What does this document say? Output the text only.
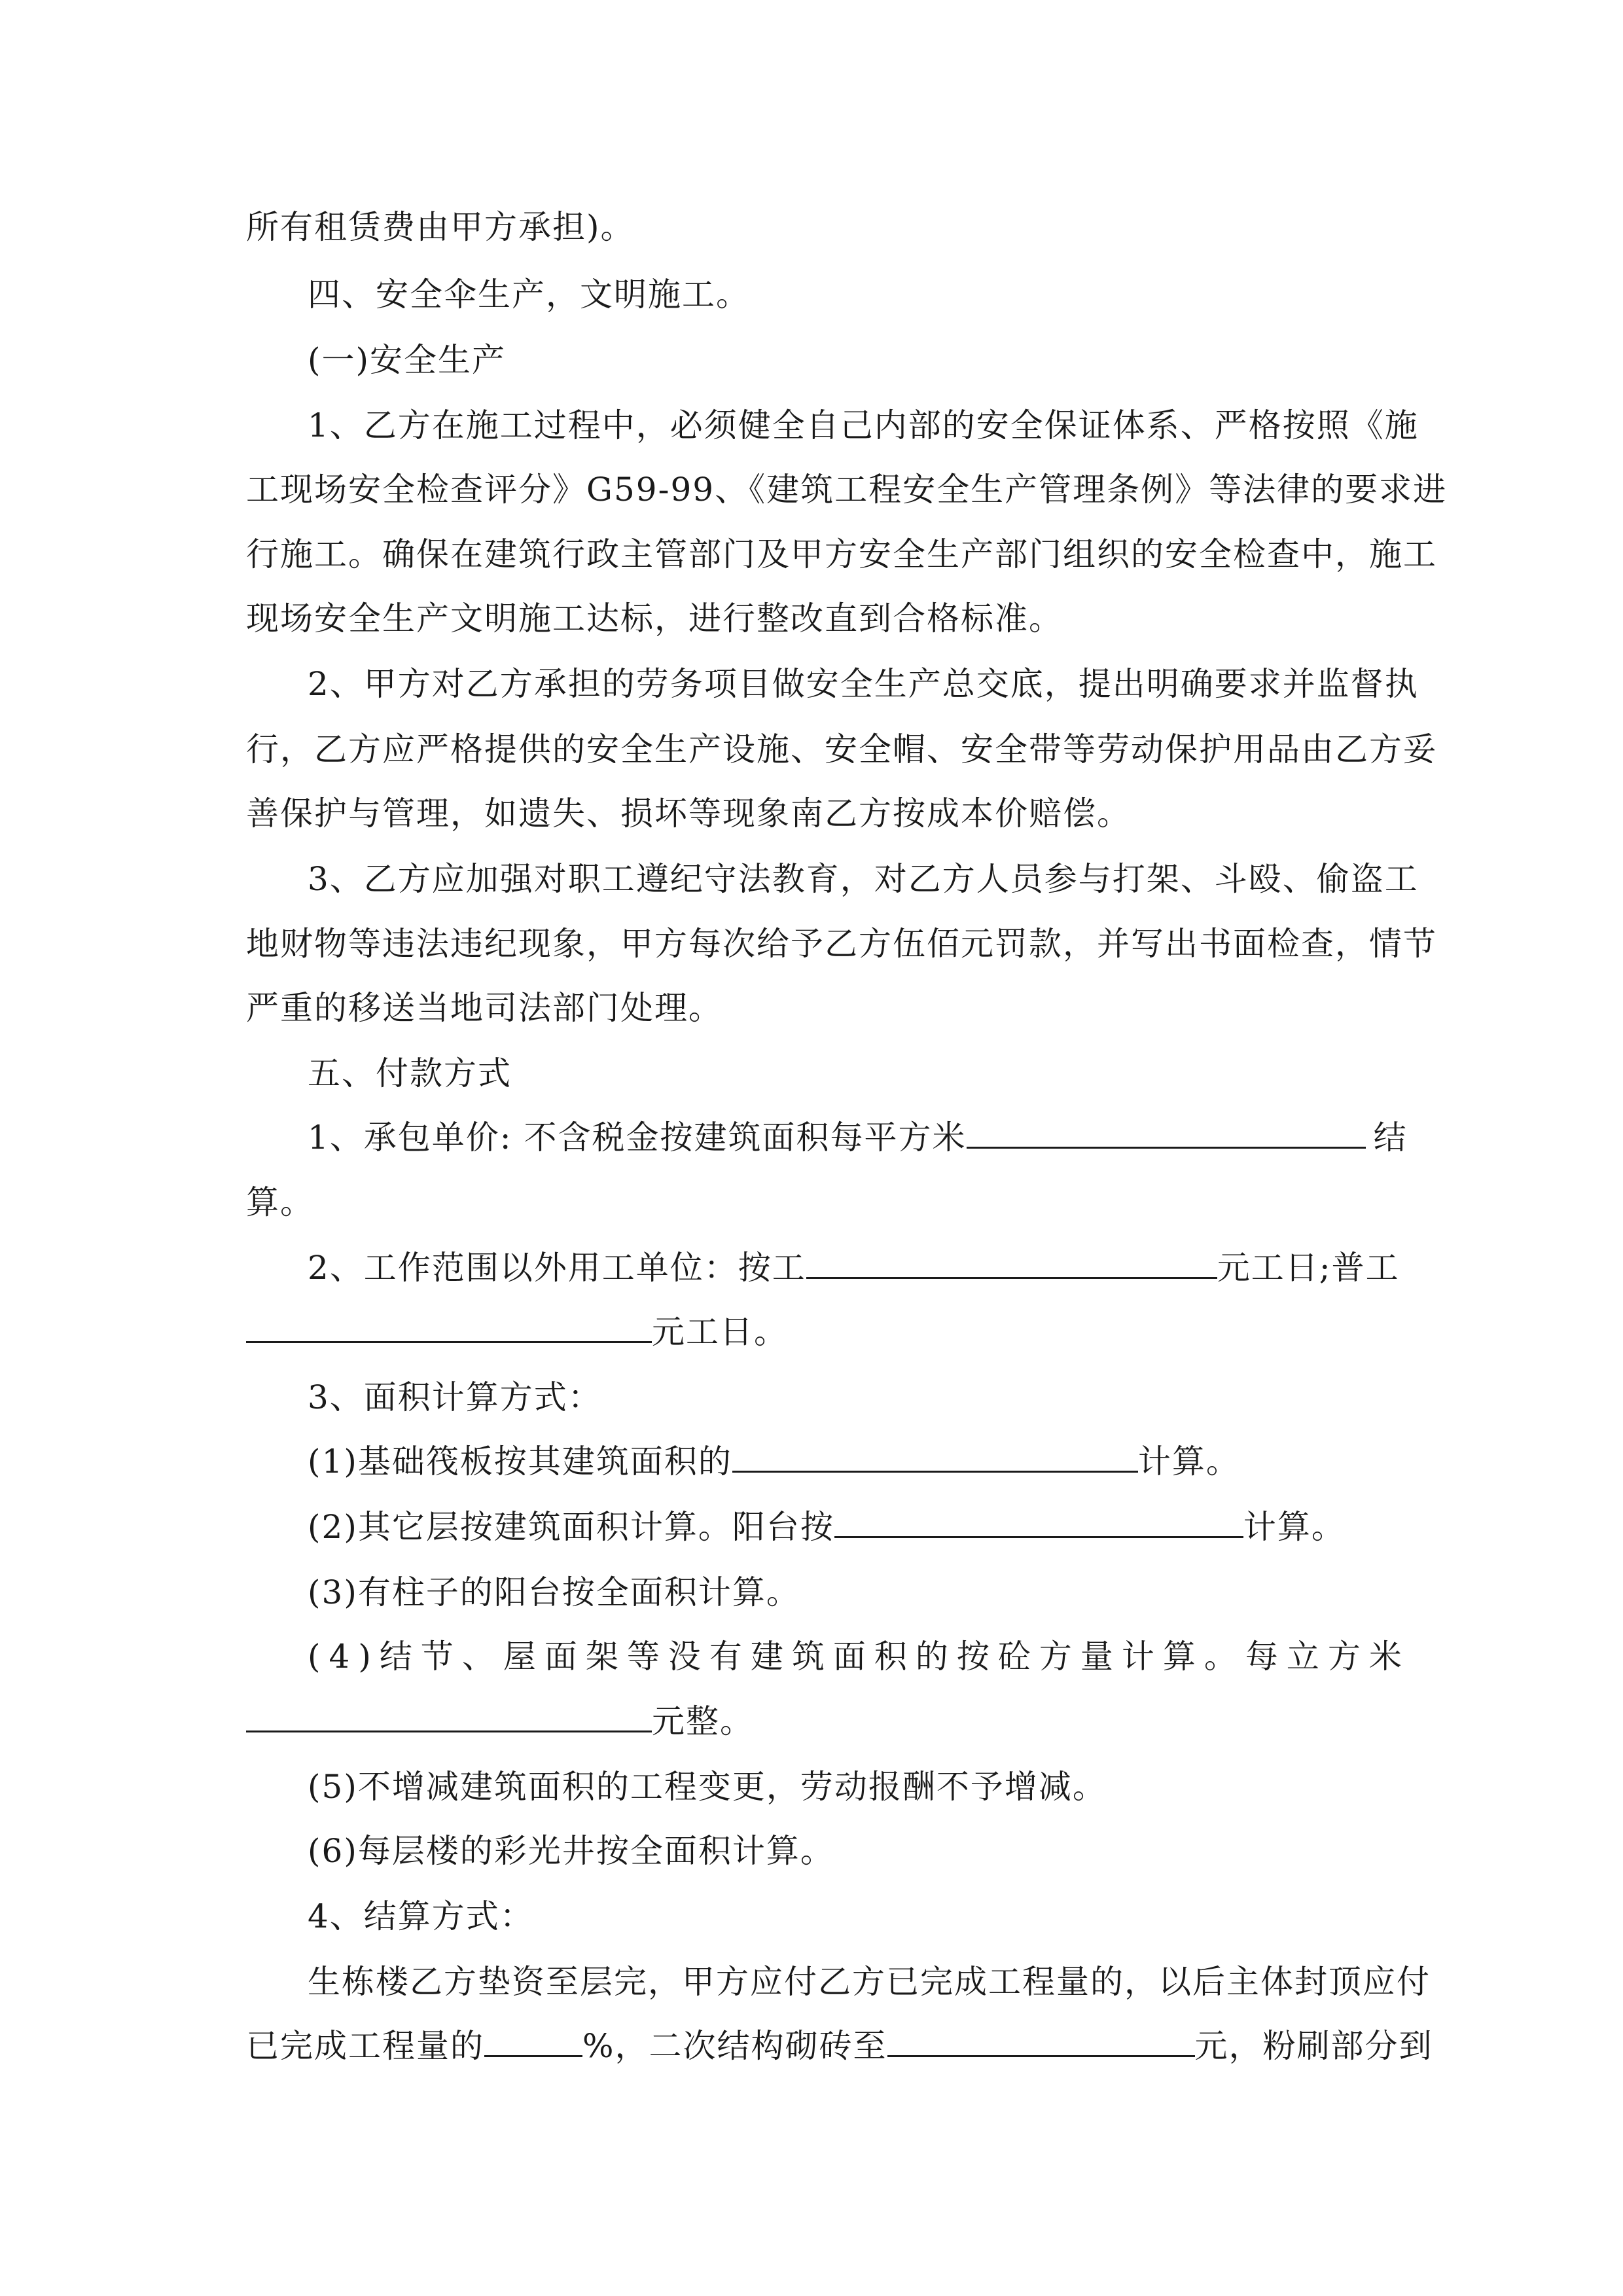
所有租赁费由甲方承担)。
四、安全伞生产，文明施工。
(一)安全生产
1、乙方在施工过程中，必须健全自己内部的安全保证体系、严格按照《施
工现场安全检查评分》G59-99、《建筑工程安全生产管理条例》等法律的要求进
行施工。确保在建筑行政主管部门及甲方安全生产部门组织的安全检查中，施工
现场安全生产文明施工达标，进行整改直到合格标准。
2、甲方对乙方承担的劳务项目做安全生产总交底，提出明确要求并监督执
行，乙方应严格提供的安全生产设施、安全帽、安全带等劳动保护用品由乙方妥
善保护与管理，如遗失、损坏等现象南乙方按成本价赔偿。
3、乙方应加强对职工遵纪守法教育，对乙方人员参与打架、斗殴、偷盗工
地财物等违法违纪现象，甲方每次给予乙方伍佰元罚款，并写出书面检查，情节
严重的移送当地司法部门处理。
五、付款方式
1、承包单价: 不含税金按建筑面积每平方米	结
算。
2、工作范围以外用工单位：按工	元工日;普工
元工日。
3、面积计算方式：
(1)基础筏板按其建筑面积的	计算。
(2)其它层按建筑面积计算。阳台按	计算。
(3)有柱子的阳台按全面积计算。
(4)结节、屋面架等没有建筑面积的按砼方量计算。每立方米
元整。
(5)不增减建筑面积的工程变更，劳动报酬不予增减。
(6)每层楼的彩光井按全面积计算。
4、结算方式：
生栋楼乙方垫资至层完，甲方应付乙方已完成工程量的，以后主体封顶应付
已完成工程量的	%，二次结构砌砖至	元，粉刷部分到
